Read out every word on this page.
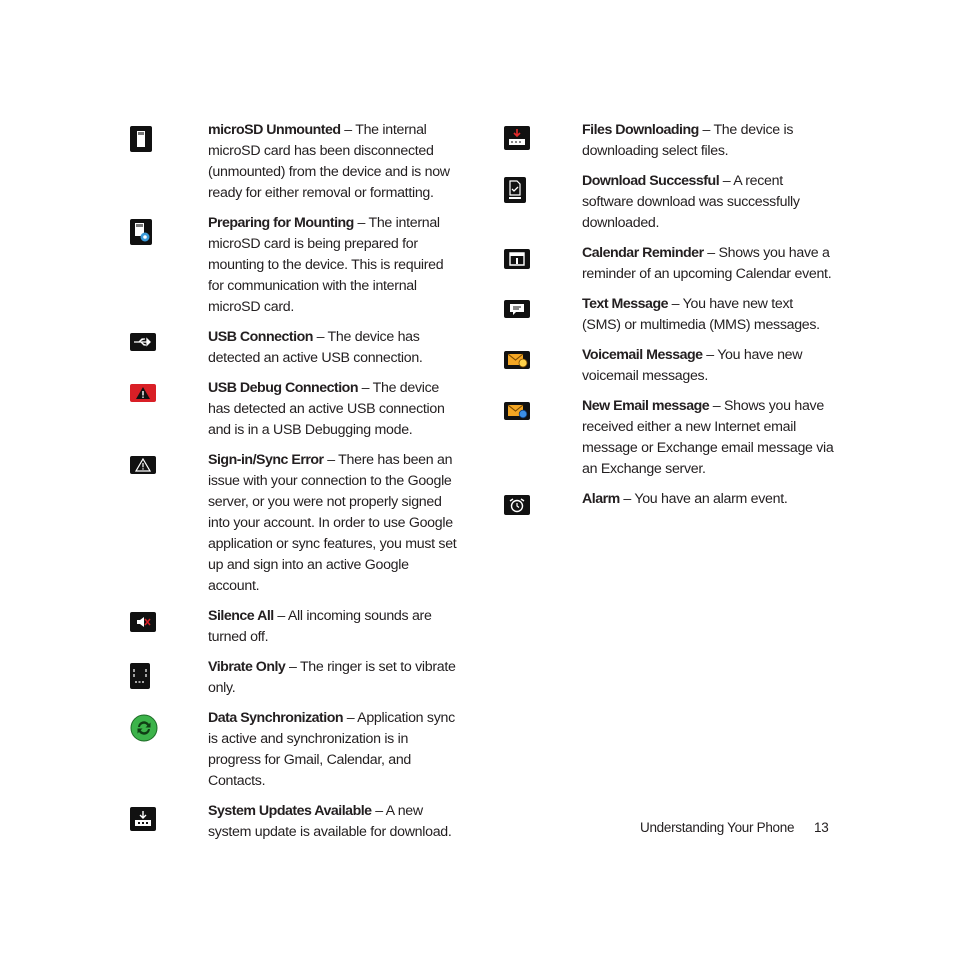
microSD Unmounted – The internal microSD card has been disconnected (unmounted) from the device and is now ready for either removal or formatting.
Preparing for Mounting – The internal microSD card is being prepared for mounting to the device. This is required for communication with the internal microSD card.
USB Connection – The device has detected an active USB connection.
USB Debug Connection – The device has detected an active USB connection and is in a USB Debugging mode.
Sign-in/Sync Error – There has been an issue with your connection to the Google server, or you were not properly signed into your account. In order to use Google application or sync features, you must set up and sign into an active Google account.
Silence All – All incoming sounds are turned off.
Vibrate Only – The ringer is set to vibrate only.
Data Synchronization – Application sync is active and synchronization is in progress for Gmail, Calendar, and Contacts.
System Updates Available – A new system update is available for download.
Files Downloading – The device is downloading select files.
Download Successful – A recent software download was successfully downloaded.
Calendar Reminder – Shows you have a reminder of an upcoming Calendar event.
Text Message – You have new text (SMS) or multimedia (MMS) messages.
Voicemail Message – You have new voicemail messages.
New Email message – Shows you have received either a new Internet email message or Exchange email message via an Exchange server.
Alarm – You have an alarm event.
Understanding Your Phone 13
